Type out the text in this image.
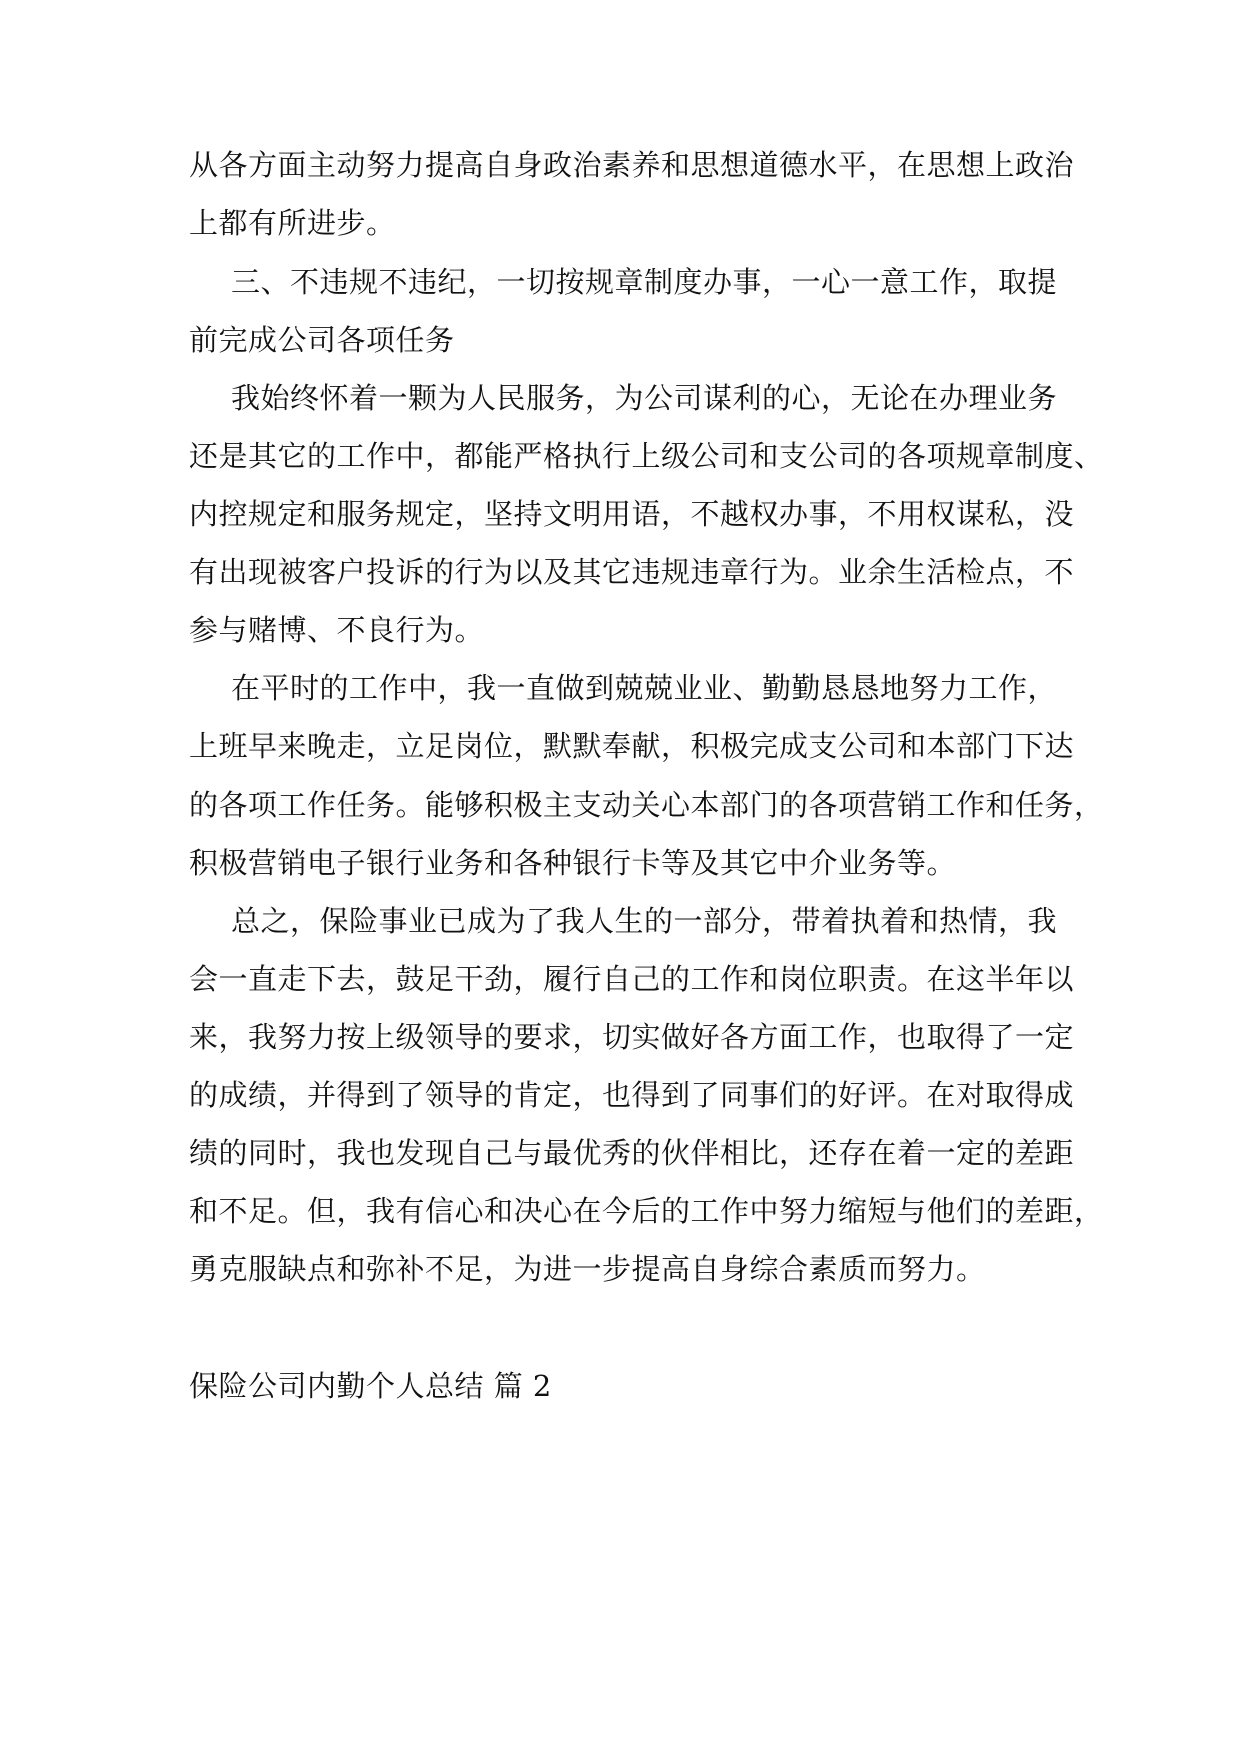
从各方面主动努力提高自身政治素养和思想道德水平，在思想上政治
上都有所进步。
三、不违规不违纪，一切按规章制度办事，一心一意工作，取提
前完成公司各项任务
我始终怀着一颗为人民服务，为公司谋利的心，无论在办理业务
还是其它的工作中，都能严格执行上级公司和支公司的各项规章制度、
内控规定和服务规定，坚持文明用语，不越权办事，不用权谋私，没
有出现被客户投诉的行为以及其它违规违章行为。业余生活检点，不
参与赌博、不良行为。
在平时的工作中，我一直做到兢兢业业、勤勤恳恳地努力工作，
上班早来晚走，立足岗位，默默奉献，积极完成支公司和本部门下达
的各项工作任务。能够积极主支动关心本部门的各项营销工作和任务，
积极营销电子银行业务和各种银行卡等及其它中介业务等。
总之，保险事业已成为了我人生的一部分，带着执着和热情，我
会一直走下去，鼓足干劲，履行自己的工作和岗位职责。在这半年以
来，我努力按上级领导的要求，切实做好各方面工作，也取得了一定
的成绩，并得到了领导的肯定，也得到了同事们的好评。在对取得成
绩的同时，我也发现自己与最优秀的伙伴相比，还存在着一定的差距
和不足。但，我有信心和决心在今后的工作中努力缩短与他们的差距，
勇克服缺点和弥补不足，为进一步提高自身综合素质而努力。
保险公司内勤个人总结 篇 2
